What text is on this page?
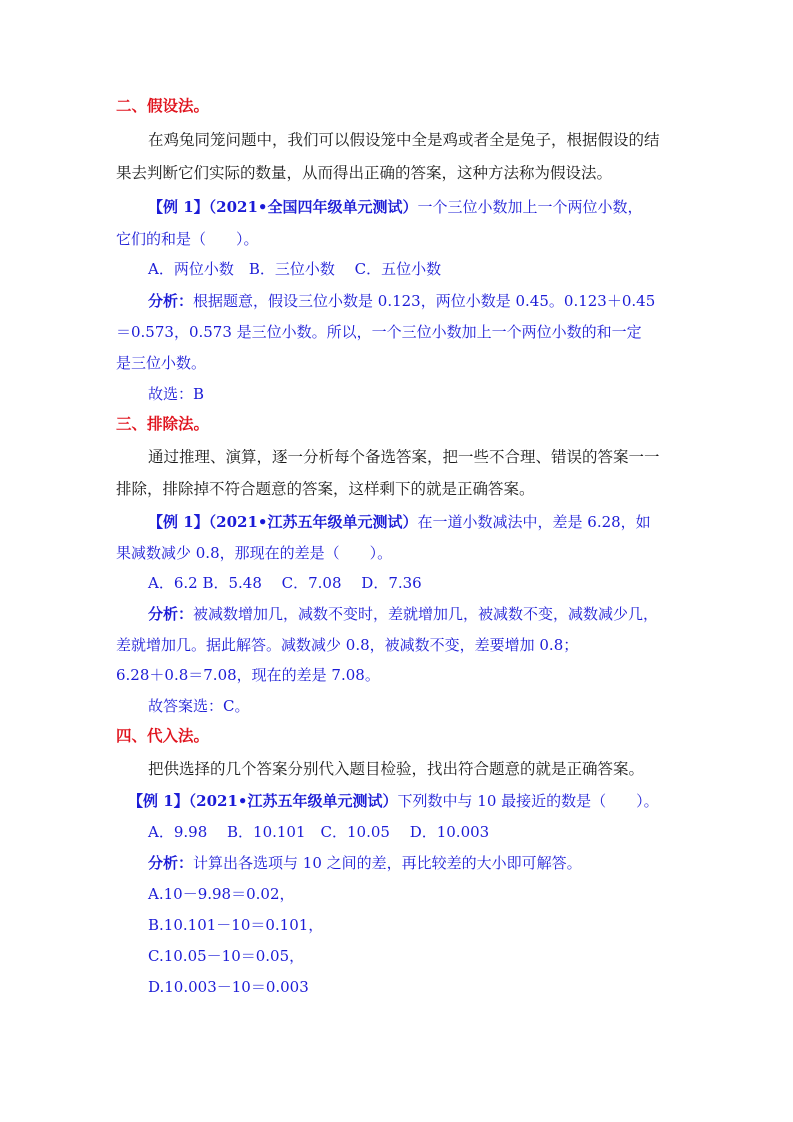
二、假设法。
在鸡兔同笼问题中，我们可以假设笼中全是鸡或者全是兔子，根据假设的结
果去判断它们实际的数量，从而得出正确的答案，这种方法称为假设法。
【例 1】（2021•全国四年级单元测试）一个三位小数加上一个两位小数，
它们的和是（　　）。
A．两位小数　B．三位小数　 C．五位小数
分析：根据题意，假设三位小数是 0.123，两位小数是 0.45。0.123＋0.45
＝0.573，0.573 是三位小数。所以，一个三位小数加上一个两位小数的和一定
是三位小数。
故选：B
三、排除法。
通过推理、演算，逐一分析每个备选答案，把一些不合理、错误的答案一一
排除，排除掉不符合题意的答案，这样剩下的就是正确答案。
【例 1】（2021•江苏五年级单元测试）在一道小数减法中，差是 6.28，如
果减数减少 0.8，那现在的差是（　　）。
A．6.2 B．5.48　 C．7.08　 D．7.36
分析：被减数增加几，减数不变时，差就增加几，被减数不变，减数减少几，
差就增加几。据此解答。减数减少 0.8，被减数不变，差要增加 0.8；
6.28＋0.8＝7.08，现在的差是 7.08。
故答案选：C。
四、代入法。
把供选择的几个答案分别代入题目检验，找出符合题意的就是正确答案。
【例 1】（2021•江苏五年级单元测试）下列数中与 10 最接近的数是（　　）。
A．9.98　 B．10.101　C．10.05　 D．10.003
分析：计算出各选项与 10 之间的差，再比较差的大小即可解答。
A.10－9.98＝0.02，
B.10.101－10＝0.101，
C.10.05－10＝0.05，
D.10.003－10＝0.003
